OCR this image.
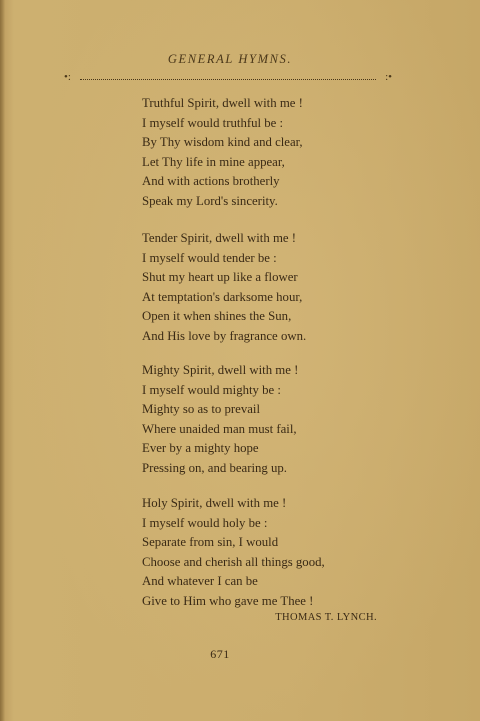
GENERAL HYMNS.
•:	:•
Truthful Spirit, dwell with me !
I myself would truthful be :
By Thy wisdom kind and clear,
Let Thy life in mine appear,
And with actions brotherly
Speak my Lord's sincerity.
Tender Spirit, dwell with me !
I myself would tender be :
Shut my heart up like a flower
At temptation's darksome hour,
Open it when shines the Sun,
And His love by fragrance own.
Mighty Spirit, dwell with me !
I myself would mighty be :
Mighty so as to prevail
Where unaided man must fail,
Ever by a mighty hope
Pressing on, and bearing up.
Holy Spirit, dwell with me !
I myself would holy be :
Separate from sin, I would
Choose and cherish all things good,
And whatever I can be
Give to Him who gave me Thee !
THOMAS T. LYNCH.
671
